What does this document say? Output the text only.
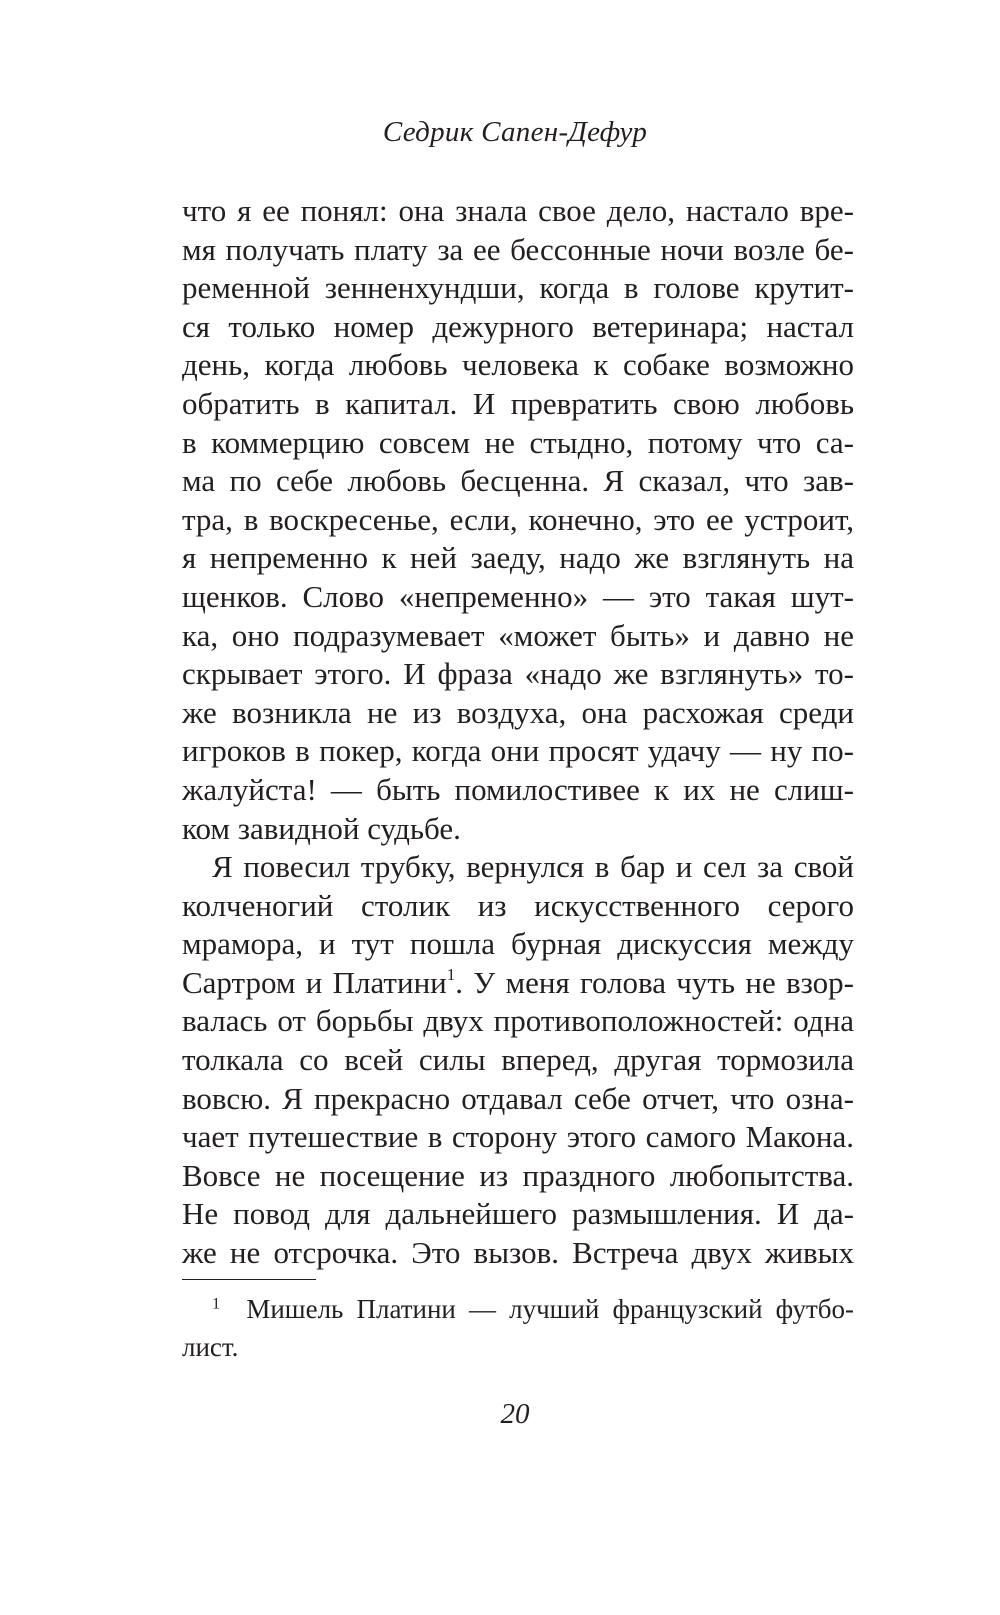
Седрик Сапен-Дефур
что я ее понял: она знала свое дело, настало вре-
мя получать плату за ее бессонные ночи возле бе-
ременной зенненхундши, когда в голове крутит-
ся только номер дежурного ветеринара; настал
день, когда любовь человека к собаке возможно
обратить в капитал. И превратить свою любовь
в коммерцию совсем не стыдно, потому что са-
ма по себе любовь бесценна. Я сказал, что зав-
тра, в воскресенье, если, конечно, это ее устроит,
я непременно к ней заеду, надо же взглянуть на
щенков. Слово «непременно» — это такая шут-
ка, оно подразумевает «может быть» и давно не
скрывает этого. И фраза «надо же взглянуть» то-
же возникла не из воздуха, она расхожая среди
игроков в покер, когда они просят удачу — ну по-
жалуйста! — быть помилостивее к их не слиш-
ком завидной судьбе.
Я повесил трубку, вернулся в бар и сел за свой
колченогий столик из искусственного серого
мрамора, и тут пошла бурная дискуссия между
Сартром и Платини$^1$. У меня голова чуть не взор-
валась от борьбы двух противоположностей: одна
толкала со всей силы вперед, другая тормозила
вовсю. Я прекрасно отдавал себе отчет, что озна-
чает путешествие в сторону этого самого Макона.
Вовсе не посещение из праздного любопытства.
Не повод для дальнейшего размышления. И да-
же не отсрочка. Это вызов. Встреча двух живых
$^1$ Мишель Платини — лучший французский футбо-
лист.
20
